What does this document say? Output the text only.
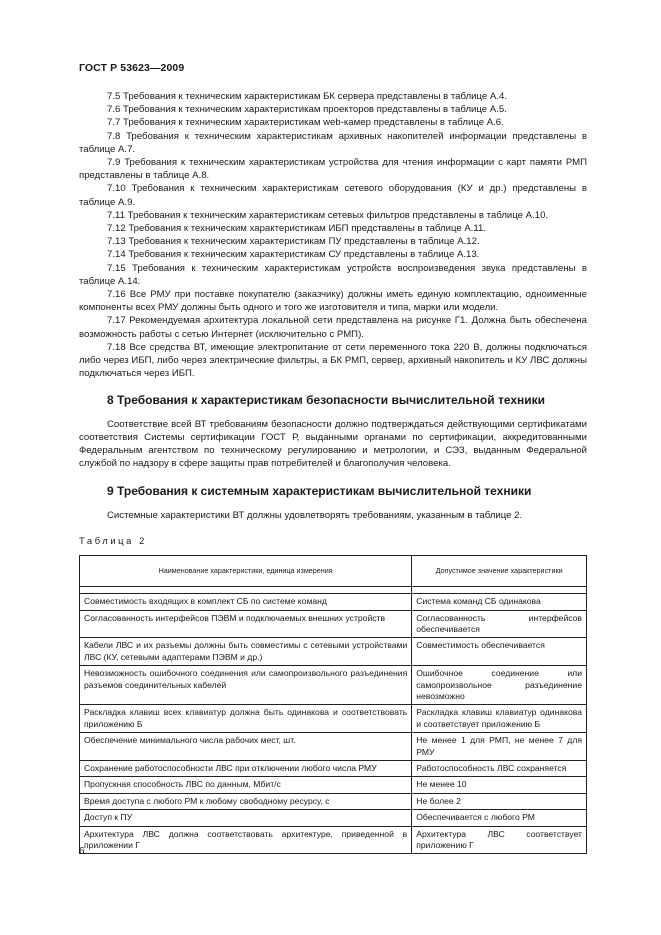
ГОСТ Р 53623—2009

7.5 Требования к техническим характеристикам БК сервера представлены в таблице А.4.

7.6 Требования к техническим характеристикам проекторов представлены в таблице А.5.

7.7 Требования к техническим характеристикам web-камер представлены в таблице А.6.

7.8 Требования к техническим характеристикам архивных накопителей информации представлены в таблице А.7.

7.9 Требования к техническим характеристикам устройства для чтения информации с карт памяти РМП представлены в таблице А.8.

7.10 Требования к техническим характеристикам сетевого оборудования (КУ и др.) представлены в таблице А.9.

7.11 Требования к техническим характеристикам сетевых фильтров представлены в таблице А.10.

7.12 Требования к техническим характеристикам ИБП представлены в таблице А.11.

7.13 Требования к техническим характеристикам ПУ представлены в таблице А.12.

7.14 Требования к техническим характеристикам СУ представлены в таблице А.13.

7.15 Требования к техническим характеристикам устройств воспроизведения звука представлены в таблице А.14.

7.16 Все РМУ при поставке покупателю (заказчику) должны иметь единую комплектацию, одноименные компоненты всех РМУ должны быть одного и того же изготовителя и типа, марки или модели.

7.17 Рекомендуемая архитектура локальной сети представлена на рисунке Г1. Должна быть обеспечена возможность работы с сетью Интернет (исключительно с РМП).

7.18 Все средства ВТ, имеющие электропитание от сети переменного тока 220 В, должны подключаться либо через ИБП, либо через электрические фильтры, а БК РМП, сервер, архивный накопитель и КУ ЛВС должны подключаться через ИБП.

8 Требования к характеристикам безопасности вычислительной техники

Соответствие всей ВТ требованиям безопасности должно подтверждаться действующими сертификатами соответствия Системы сертификации ГОСТ Р, выданными органами по сертификации, аккредитованными Федеральным агентством по техническому регулированию и метрологии, и СЭЗ, выданным Федеральной службой по надзору в сфере защиты прав потребителей и благополучия человека.

9 Требования к системным характеристикам вычислительной техники

Системные характеристики ВТ должны удовлетворять требованиям, указанным в таблице 2.

Таблица 2
Наименование характеристики, единица измерения	Допустимое значение характеристики

Совместимость входящих в комплект СБ по системе команд	Система команд СБ одинакова
Согласованность интерфейсов ПЭВМ и подключаемых внешних устройств	Согласованность интерфейсов обеспечивается
Кабели ЛВС и их разъемы должны быть совместимы с сетевыми устройствами ЛВС (КУ, сетевыми адаптерами ПЭВМ и др.)	Совместимость обеспечивается
Невозможность ошибочного соединения или самопроизвольного разъединения разъемов соединительных кабелей	Ошибочное соединение или самопроизвольное разъединение невозможно
Раскладка клавиш всех клавиатур должна быть одинакова и соответствовать приложению Б	Раскладка клавиш клавиатур одинакова и соответствует приложению Б
Обеспечение минимального числа рабочих мест, шт.	Не менее 1 для РМП, не менее 7 для РМУ
Сохранение работоспособности ЛВС при отключении любого числа РМУ	Работоспособность ЛВС сохраняется
Пропускная способность ЛВС по данным, Мбит/с	Не менее 10
Время доступа с любого РМ к любому свободному ресурсу, с	Не более 2
Доступ к ПУ	Обеспечивается с любого РМ
Архитектура ЛВС должна соответствовать архитектуре, приведенной в приложении Г	Архитектура ЛВС соответствует приложению Г
6
